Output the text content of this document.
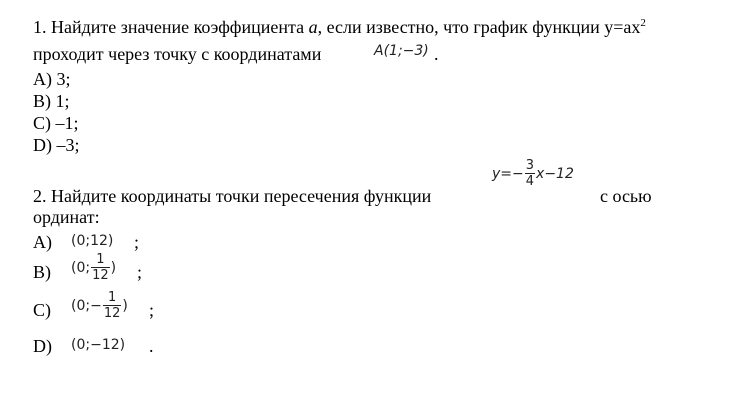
1. Найдите значение коэффициента a, если известно, что график функции $y=ax^2$
проходит через точку с координатами	A(1;−3) .
A) 3;
B) 1;
C) –1;
D) –3;
2. Найдите координаты точки пересечения функции
$y=- \frac{3}{4} x-12$
с осью
ординат:
A) (0;12) ;
B) (0; $\frac{1}{12}$ ) ;
C) (0;− $\frac{1}{12}$ ) ;
D) (0;−12) .
